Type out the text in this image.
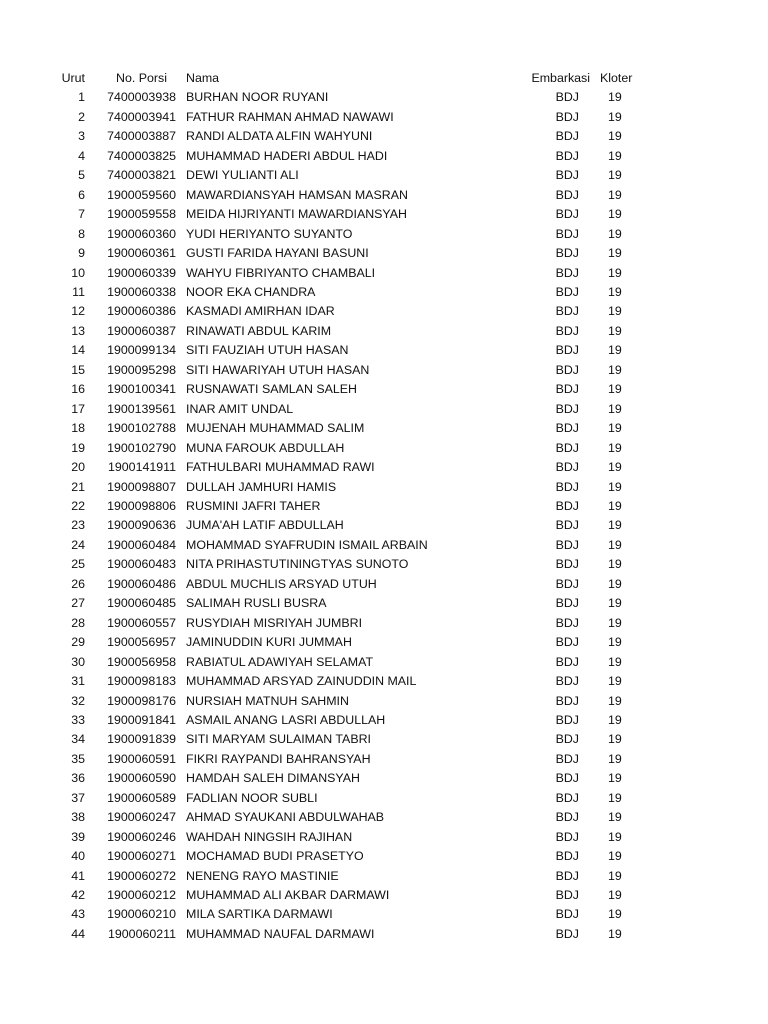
Urut	No. Porsi	Nama	Embarkasi	Kloter
1	7400003938	BURHAN NOOR RUYANI	BDJ	19
2	7400003941	FATHUR RAHMAN AHMAD NAWAWI	BDJ	19
3	7400003887	RANDI ALDATA ALFIN WAHYUNI	BDJ	19
4	7400003825	MUHAMMAD HADERI ABDUL HADI	BDJ	19
5	7400003821	DEWI YULIANTI ALI	BDJ	19
6	1900059560	MAWARDIANSYAH HAMSAN MASRAN	BDJ	19
7	1900059558	MEIDA HIJRIYANTI MAWARDIANSYAH	BDJ	19
8	1900060360	YUDI HERIYANTO SUYANTO	BDJ	19
9	1900060361	GUSTI FARIDA HAYANI BASUNI	BDJ	19
10	1900060339	WAHYU FIBRIYANTO CHAMBALI	BDJ	19
11	1900060338	NOOR EKA CHANDRA	BDJ	19
12	1900060386	KASMADI AMIRHAN IDAR	BDJ	19
13	1900060387	RINAWATI ABDUL KARIM	BDJ	19
14	1900099134	SITI FAUZIAH UTUH HASAN	BDJ	19
15	1900095298	SITI HAWARIYAH UTUH HASAN	BDJ	19
16	1900100341	RUSNAWATI SAMLAN SALEH	BDJ	19
17	1900139561	INAR AMIT UNDAL	BDJ	19
18	1900102788	MUJENAH MUHAMMAD SALIM	BDJ	19
19	1900102790	MUNA FAROUK ABDULLAH	BDJ	19
20	1900141911	FATHULBARI MUHAMMAD RAWI	BDJ	19
21	1900098807	DULLAH JAMHURI HAMIS	BDJ	19
22	1900098806	RUSMINI JAFRI TAHER	BDJ	19
23	1900090636	JUMA'AH LATIF ABDULLAH	BDJ	19
24	1900060484	MOHAMMAD SYAFRUDIN ISMAIL ARBAIN	BDJ	19
25	1900060483	NITA PRIHASTUTININGTYAS SUNOTO	BDJ	19
26	1900060486	ABDUL MUCHLIS ARSYAD UTUH	BDJ	19
27	1900060485	SALIMAH RUSLI BUSRA	BDJ	19
28	1900060557	RUSYDIAH MISRIYAH JUMBRI	BDJ	19
29	1900056957	JAMINUDDIN KURI JUMMAH	BDJ	19
30	1900056958	RABIATUL ADAWIYAH SELAMAT	BDJ	19
31	1900098183	MUHAMMAD ARSYAD ZAINUDDIN MAIL	BDJ	19
32	1900098176	NURSIAH MATNUH SAHMIN	BDJ	19
33	1900091841	ASMAIL ANANG LASRI ABDULLAH	BDJ	19
34	1900091839	SITI MARYAM SULAIMAN TABRI	BDJ	19
35	1900060591	FIKRI RAYPANDI BAHRANSYAH	BDJ	19
36	1900060590	HAMDAH SALEH DIMANSYAH	BDJ	19
37	1900060589	FADLIAN NOOR SUBLI	BDJ	19
38	1900060247	AHMAD SYAUKANI ABDULWAHAB	BDJ	19
39	1900060246	WAHDAH NINGSIH RAJIHAN	BDJ	19
40	1900060271	MOCHAMAD BUDI PRASETYO	BDJ	19
41	1900060272	NENENG RAYO MASTINIE	BDJ	19
42	1900060212	MUHAMMAD ALI AKBAR DARMAWI	BDJ	19
43	1900060210	MILA SARTIKA DARMAWI	BDJ	19
44	1900060211	MUHAMMAD NAUFAL DARMAWI	BDJ	19
